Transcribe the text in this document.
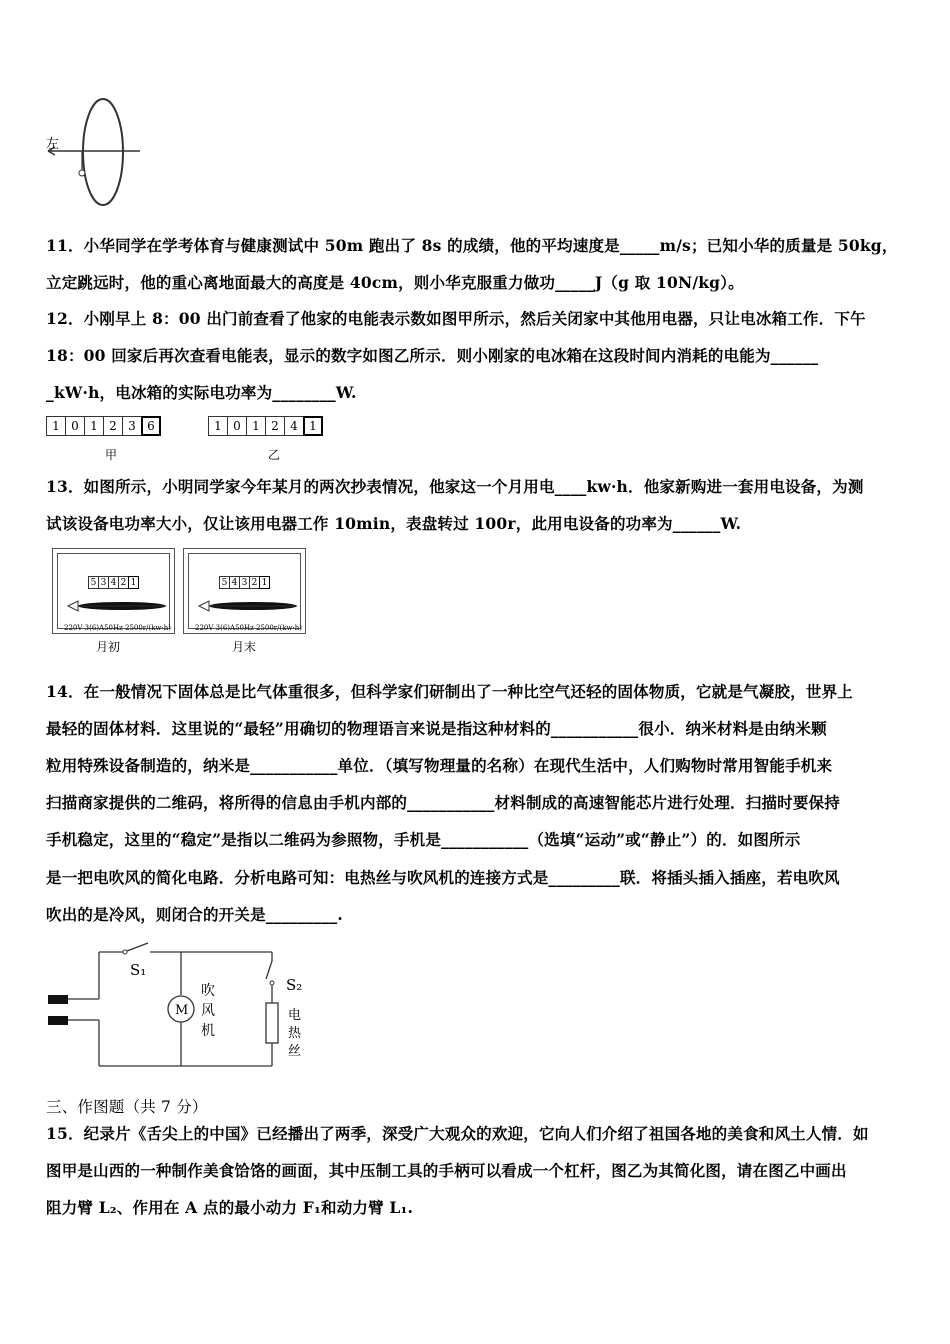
左
11．小华同学在学考体育与健康测试中 50m 跑出了 8s 的成绩，他的平均速度是_____m/s；已知小华的质量是 50kg，
立定跳远时，他的重心离地面最大的高度是 40cm，则小华克服重力做功_____J（g 取 10N/kg）。
12．小刚早上 8：00 出门前查看了他家的电能表示数如图甲所示，然后关闭家中其他用电器，只让电冰箱工作．下午
18：00 回家后再次查看电能表，显示的数字如图乙所示．则小刚家的电冰箱在这段时间内消耗的电能为______
_kW·h，电冰箱的实际电功率为________W.
1 0 1 2 3 6
甲
1 0 1 2 4 1
乙
13．如图所示，小明同学家今年某月的两次抄表情况，他家这一个月用电____kw·h．他家新购进一套用电设备，为测
试该设备电功率大小，仅让该用电器工作 10min，表盘转过 100r，此用电设备的功率为______W.
5 3 4 2 1
220V 3(6)A50Hz 2500r/(kw·h)
月初
5 4 3 2 1
220V 3(6)A50Hz 2500r/(kw·h)
月末
14．在一般情况下固体总是比气体重很多，但科学家们研制出了一种比空气还轻的固体物质，它就是气凝胶，世界上
最轻的固体材料．这里说的“最轻”用确切的物理语言来说是指这种材料的___________很小．纳米材料是由纳米颗
粒用特殊设备制造的，纳米是___________单位．（填写物理量的名称）在现代生活中，人们购物时常用智能手机来
扫描商家提供的二维码，将所得的信息由手机内部的___________材料制成的高速智能芯片进行处理．扫描时要保持
手机稳定，这里的“稳定”是指以二维码为参照物，手机是___________（选填“运动”或“静止”）的．如图所示
是一把电吹风的简化电路．分析电路可知：电热丝与吹风机的连接方式是_________联．将插头插入插座，若电吹风
吹出的是冷风，则闭合的开关是_________.
S₁
M
吹
风
机
S₂
电
热
丝
三、作图题（共 7 分）
15．纪录片《舌尖上的中国》已经播出了两季，深受广大观众的欢迎，它向人们介绍了祖国各地的美食和风土人情．如
图甲是山西的一种制作美食饸饹的画面，其中压制工具的手柄可以看成一个杠杆，图乙为其简化图，请在图乙中画出
阻力臂 L₂、作用在 A 点的最小动力 F₁和动力臂 L₁.
